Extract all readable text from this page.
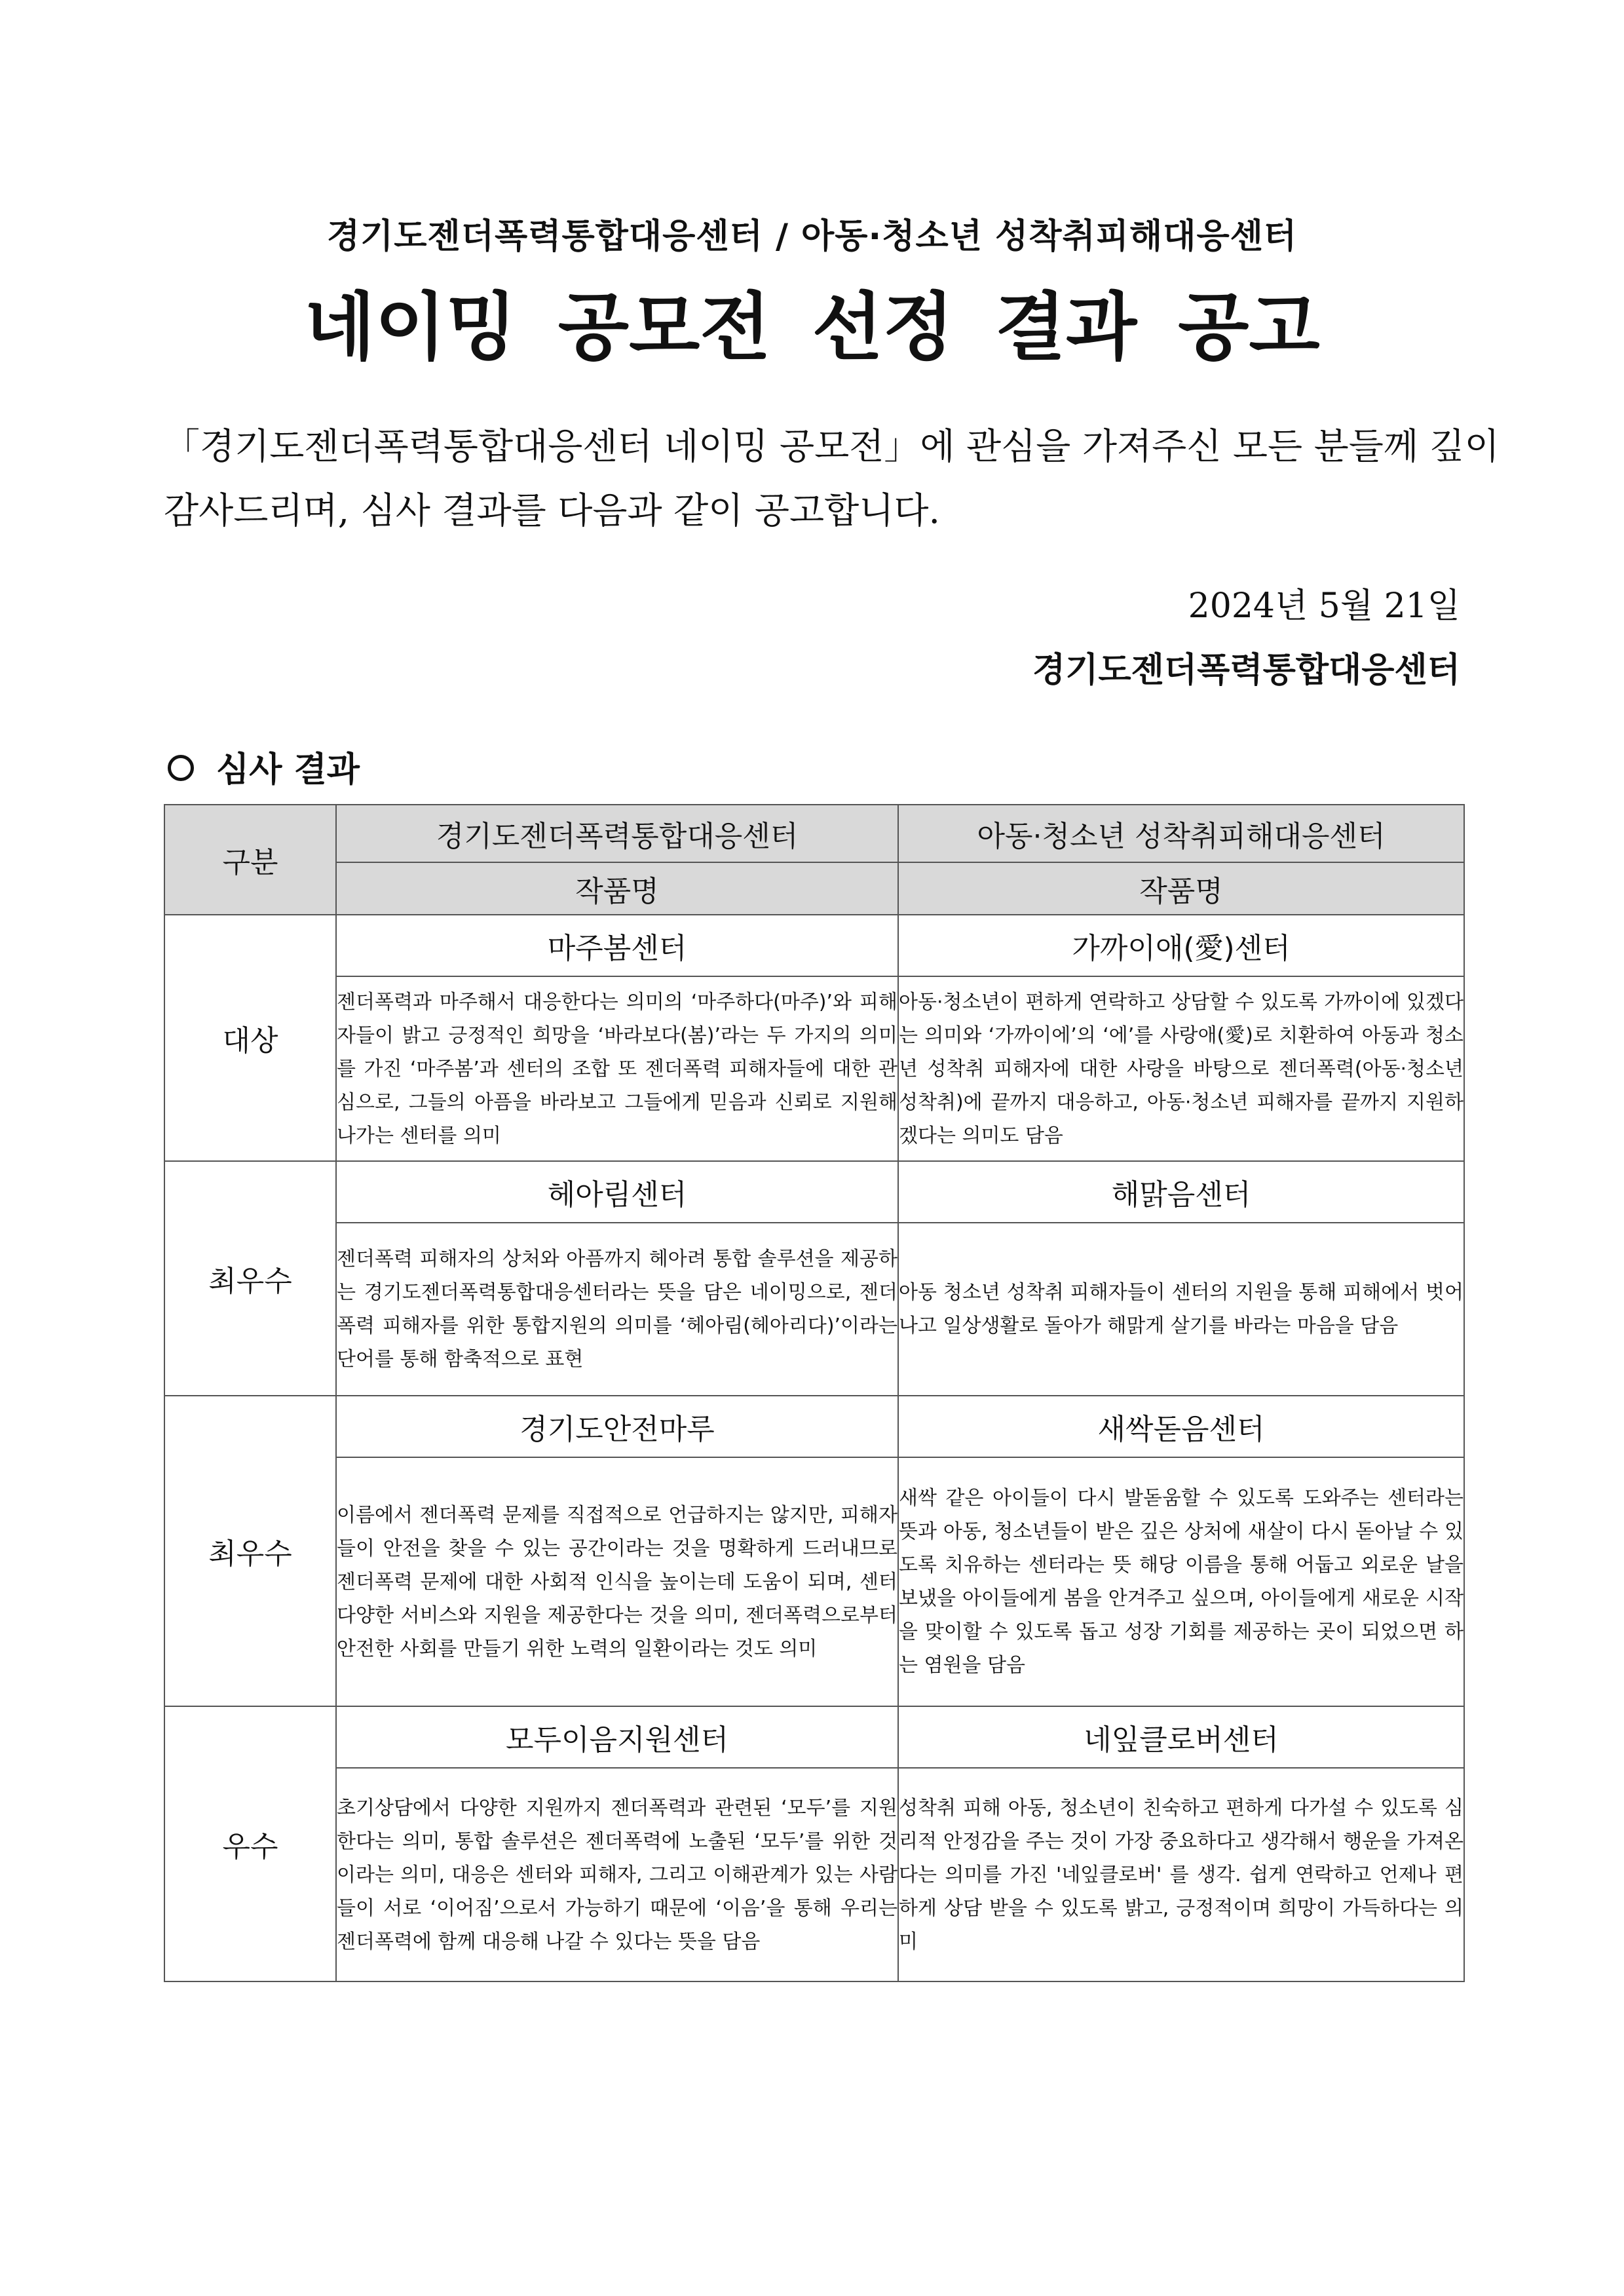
경기도젠더폭력통합대응센터 / 아동·청소년 성착취피해대응센터
네이밍 공모전 선정 결과 공고

「경기도젠더폭력통합대응센터 네이밍 공모전」에 관심을 가져주신 모든 분들께 깊이

감사드리며, 심사 결과를 다음과 같이 공고합니다.

2024년 5월 21일
경기도젠더폭력통합대응센터
심사 결과
구분	경기도젠더폭력통합대응센터	아동·청소년 성착취피해대응센터
	작품명	작품명
대상	마주봄센터	가까이애(愛)센터
	젠더폭력과 마주해서 대응한다는 의미의 ‘마주하다(마주)’와 피해자들이 밝고 긍정적인 희망을 ‘바라보다(봄)’라는 두 가지의 의미를 가진 ‘마주봄’과 센터의 조합 또 젠더폭력 피해자들에 대한 관심으로, 그들의 아픔을 바라보고 그들에게 믿음과 신뢰로 지원해 나가는 센터를 의미	아동·청소년이 편하게 연락하고 상담할 수 있도록 가까이에 있겠다는 의미와 ‘가까이에’의 ‘에’를 사랑애(愛)로 치환하여 아동과 청소년 성착취 피해자에 대한 사랑을 바탕으로 젠더폭력(아동·청소년 성착취)에 끝까지 대응하고, 아동·청소년 피해자를 끝까지 지원하겠다는 의미도 담음
최우수	헤아림센터	해맑음센터
	젠더폭력 피해자의 상처와 아픔까지 헤아려 통합 솔루션을 제공하는 경기도젠더폭력통합대응센터라는 뜻을 담은 네이밍으로, 젠더폭력 피해자를 위한 통합지원의 의미를 ‘헤아림(헤아리다)’이라는 단어를 통해 함축적으로 표현	아동 청소년 성착취 피해자들이 센터의 지원을 통해 피해에서 벗어나고 일상생활로 돌아가 해맑게 살기를 바라는 마음을 담음
최우수	경기도안전마루	새싹돋음센터
	이름에서 젠더폭력 문제를 직접적으로 언급하지는 않지만, 피해자들이 안전을 찾을 수 있는 공간이라는 것을 명확하게 드러내므로 젠더폭력 문제에 대한 사회적 인식을 높이는데 도움이 되며, 센터 다양한 서비스와 지원을 제공한다는 것을 의미, 젠더폭력으로부터 안전한 사회를 만들기 위한 노력의 일환이라는 것도 의미	새싹 같은 아이들이 다시 발돋움할 수 있도록 도와주는 센터라는 뜻과 아동, 청소년들이 받은 깊은 상처에 새살이 다시 돋아날 수 있도록 치유하는 센터라는 뜻 해당 이름을 통해 어둡고 외로운 날을 보냈을 아이들에게 봄을 안겨주고 싶으며, 아이들에게 새로운 시작을 맞이할 수 있도록 돕고 성장 기회를 제공하는 곳이 되었으면 하는 염원을 담음
우수	모두이음지원센터	네잎클로버센터
	초기상담에서 다양한 지원까지 젠더폭력과 관련된 ‘모두’를 지원한다는 의미, 통합 솔루션은 젠더폭력에 노출된 ‘모두’를 위한 것이라는 의미, 대응은 센터와 피해자, 그리고 이해관계가 있는 사람들이 서로 ‘이어짐’으로서 가능하기 때문에 ‘이음’을 통해 우리는 젠더폭력에 함께 대응해 나갈 수 있다는 뜻을 담음	성착취 피해 아동, 청소년이 친숙하고 편하게 다가설 수 있도록 심리적 안정감을 주는 것이 가장 중요하다고 생각해서 행운을 가져온다는 의미를 가진 '네잎클로버' 를 생각. 쉽게 연락하고 언제나 편하게 상담 받을 수 있도록 밝고, 긍정적이며 희망이 가득하다는 의미
